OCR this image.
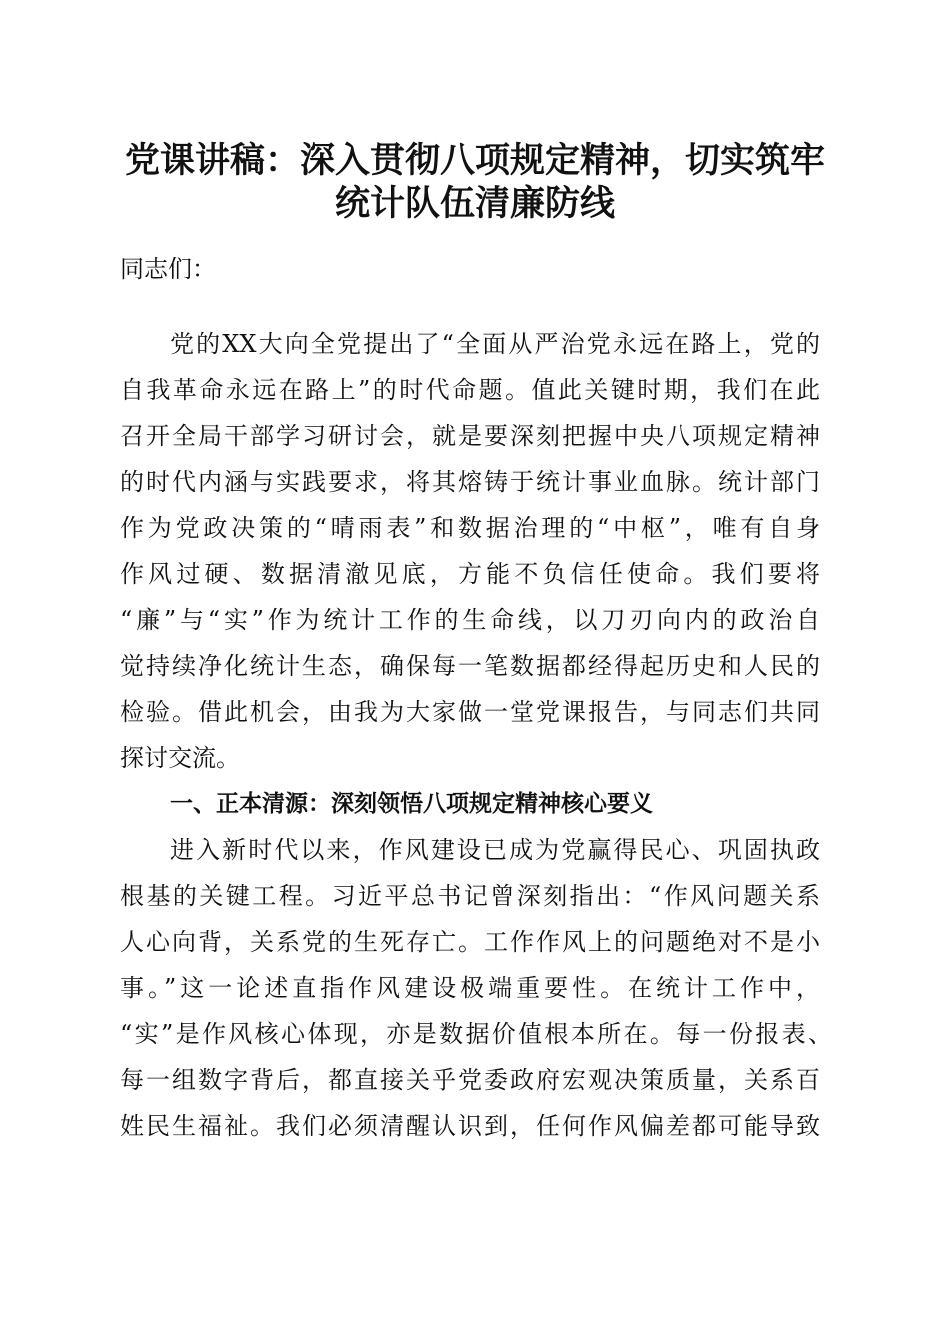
党课讲稿：深入贯彻八项规定精神，切实筑牢
统计队伍清廉防线
同志们：
党的XX大向全党提出了“全面从严治党永远在路上，党的
自我革命永远在路上”的时代命题。值此关键时期，我们在此
召开全局干部学习研讨会，就是要深刻把握中央八项规定精神
的时代内涵与实践要求，将其熔铸于统计事业血脉。统计部门
作为党政决策的“晴雨表”和数据治理的“中枢”，唯有自身
作风过硬、数据清澈见底，方能不负信任使命。我们要将
“廉”与“实”作为统计工作的生命线，以刀刃向内的政治自
觉持续净化统计生态，确保每一笔数据都经得起历史和人民的
检验。借此机会，由我为大家做一堂党课报告，与同志们共同
探讨交流。
一、正本清源：深刻领悟八项规定精神核心要义
进入新时代以来，作风建设已成为党赢得民心、巩固执政
根基的关键工程。习近平总书记曾深刻指出：“作风问题关系
人心向背，关系党的生死存亡。工作作风上的问题绝对不是小
事。”这一论述直指作风建设极端重要性。在统计工作中，
“实”是作风核心体现，亦是数据价值根本所在。每一份报表、
每一组数字背后，都直接关乎党委政府宏观决策质量，关系百
姓民生福祉。我们必须清醒认识到，任何作风偏差都可能导致
